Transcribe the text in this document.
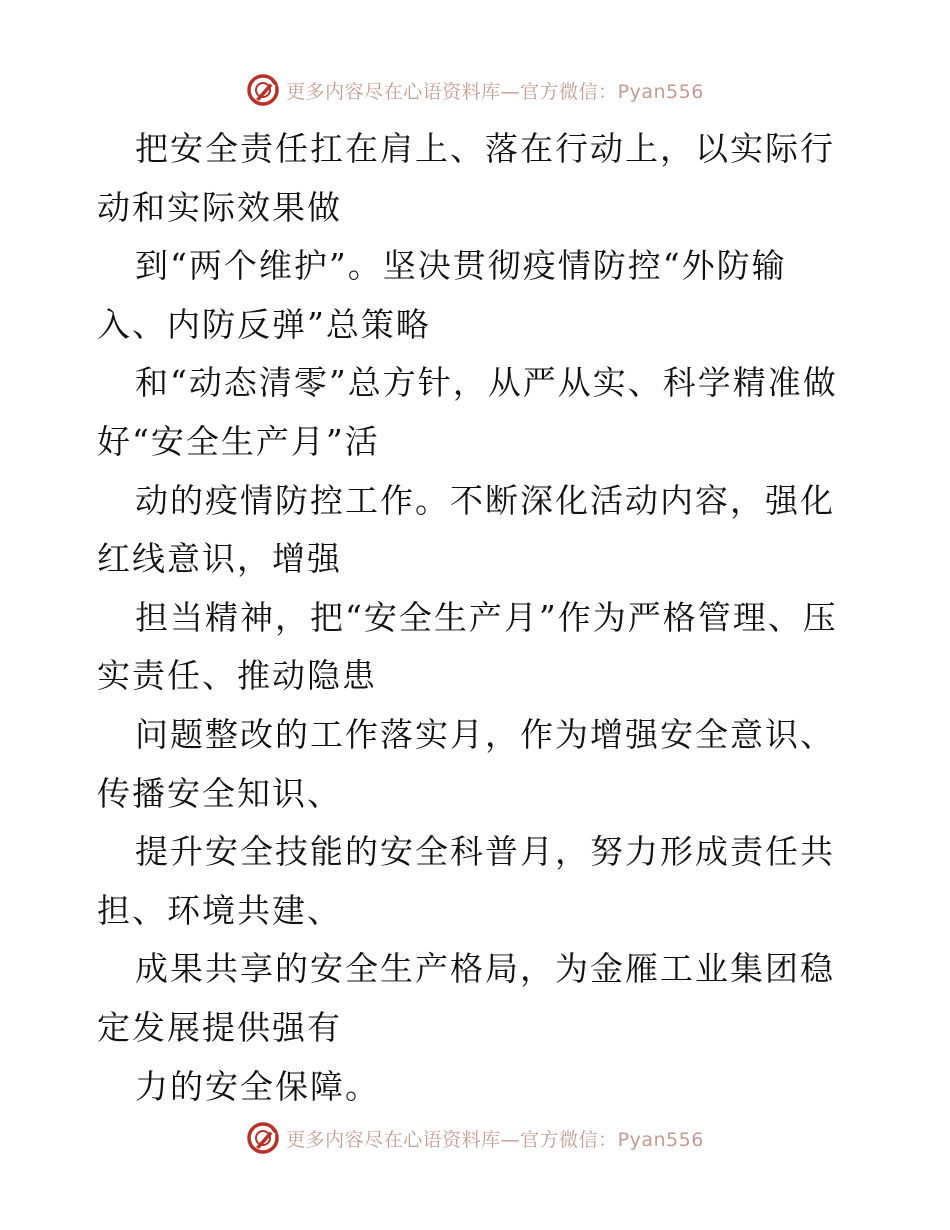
更多内容尽在心语资料库—官方微信：Pyan556

把安全责任扛在肩上、落在行动上，以实际行动和实际效果做

到“两个维护”。坚决贯彻疫情防控“外防输入、内防反弹”总策略

和“动态清零”总方针，从严从实、科学精准做好“安全生产月”活

动的疫情防控工作。不断深化活动内容，强化红线意识，增强

担当精神，把“安全生产月”作为严格管理、压实责任、推动隐患

问题整改的工作落实月，作为增强安全意识、传播安全知识、

提升安全技能的安全科普月，努力形成责任共担、环境共建、

成果共享的安全生产格局，为金雁工业集团稳定发展提供强有

力的安全保障。

更多内容尽在心语资料库—官方微信：Pyan556
